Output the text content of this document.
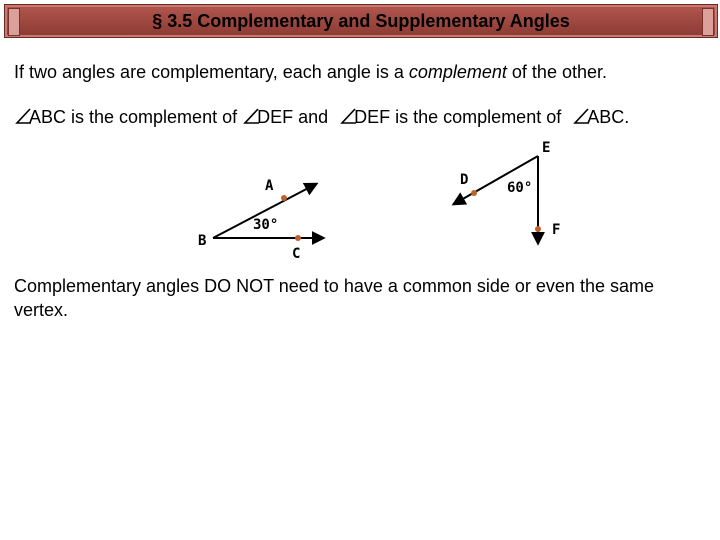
§ 3.5 Complementary and Supplementary Angles
If two angles are complementary, each angle is a complement of the other.
ABC is the complement of DEF and DEF is the complement of ABC.
A
B
C
30°
E
D
F
60°
Complementary angles DO NOT need to have a common side or even the same vertex.
